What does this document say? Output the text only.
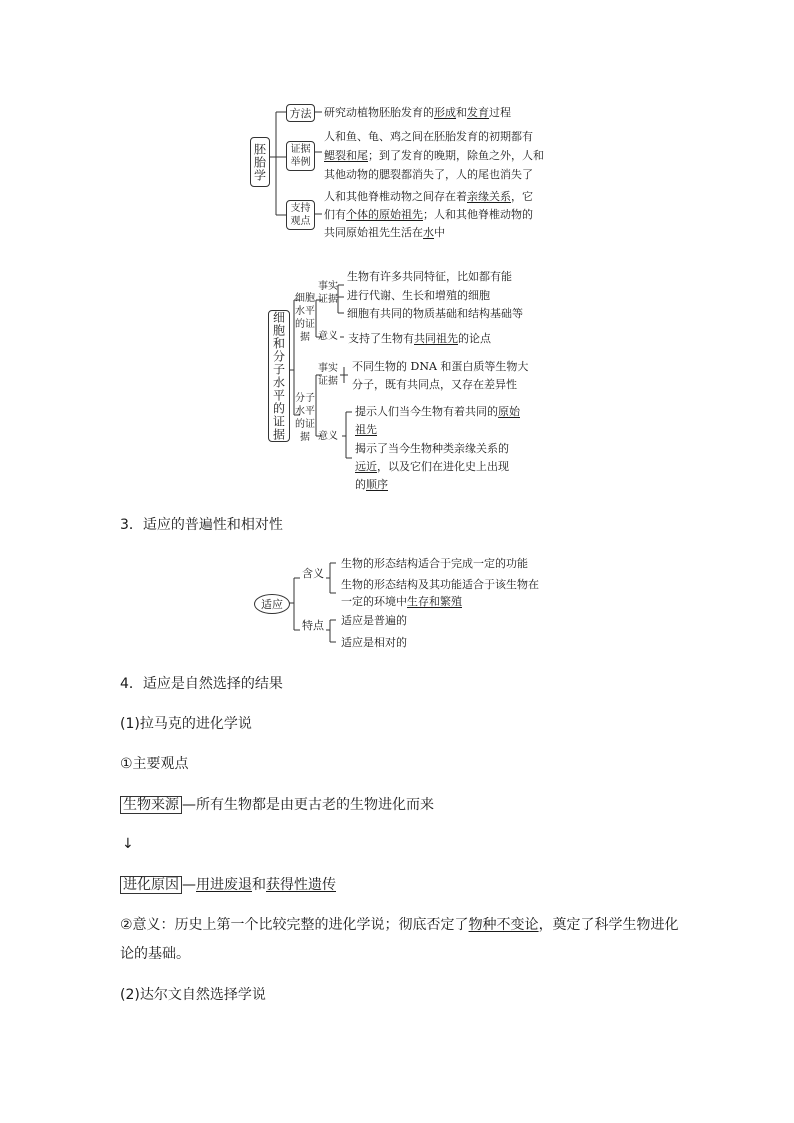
胚胎学
方法 研究动植物胚胎发育的形成和发育过程
证据举例
人和鱼、龟、鸡之间在胚胎发育的初期都有
鳃裂和尾；到了发育的晚期，除鱼之外，人和
其他动物的腮裂都消失了，人的尾也消失了
支持观点
人和其他脊椎动物之间存在着亲缘关系，它
们有个体的原始祖先；人和其他脊椎动物的
共同原始祖先生活在水中
细胞和分子水平的证据
细胞水平的证据
事实证据
生物有许多共同特征，比如都有能
进行代谢、生长和增殖的细胞
细胞有共同的物质基础和结构基础等
意义 支持了生物有共同祖先的论点
分子水平的证据
事实证据
不同生物的 DNA 和蛋白质等生物大
分子，既有共同点，又存在差异性
意义
提示人们当今生物有着共同的原始
祖先
揭示了当今生物种类亲缘关系的
远近，以及它们在进化史上出现
的顺序
3．适应的普遍性和相对性
适应
含义
生物的形态结构适合于完成一定的功能
生物的形态结构及其功能适合于该生物在
一定的环境中生存和繁殖
特点 适应是普遍的
适应是相对的
4．适应是自然选择的结果
(1)拉马克的进化学说
①主要观点
生物来源 —所有生物都是由更古老的生物进化而来
↓
进化原因 —用进废退和获得性遗传
②意义：历史上第一个比较完整的进化学说；彻底否定了物种不变论，奠定了科学生物进化
论的基础。
(2)达尔文自然选择学说
